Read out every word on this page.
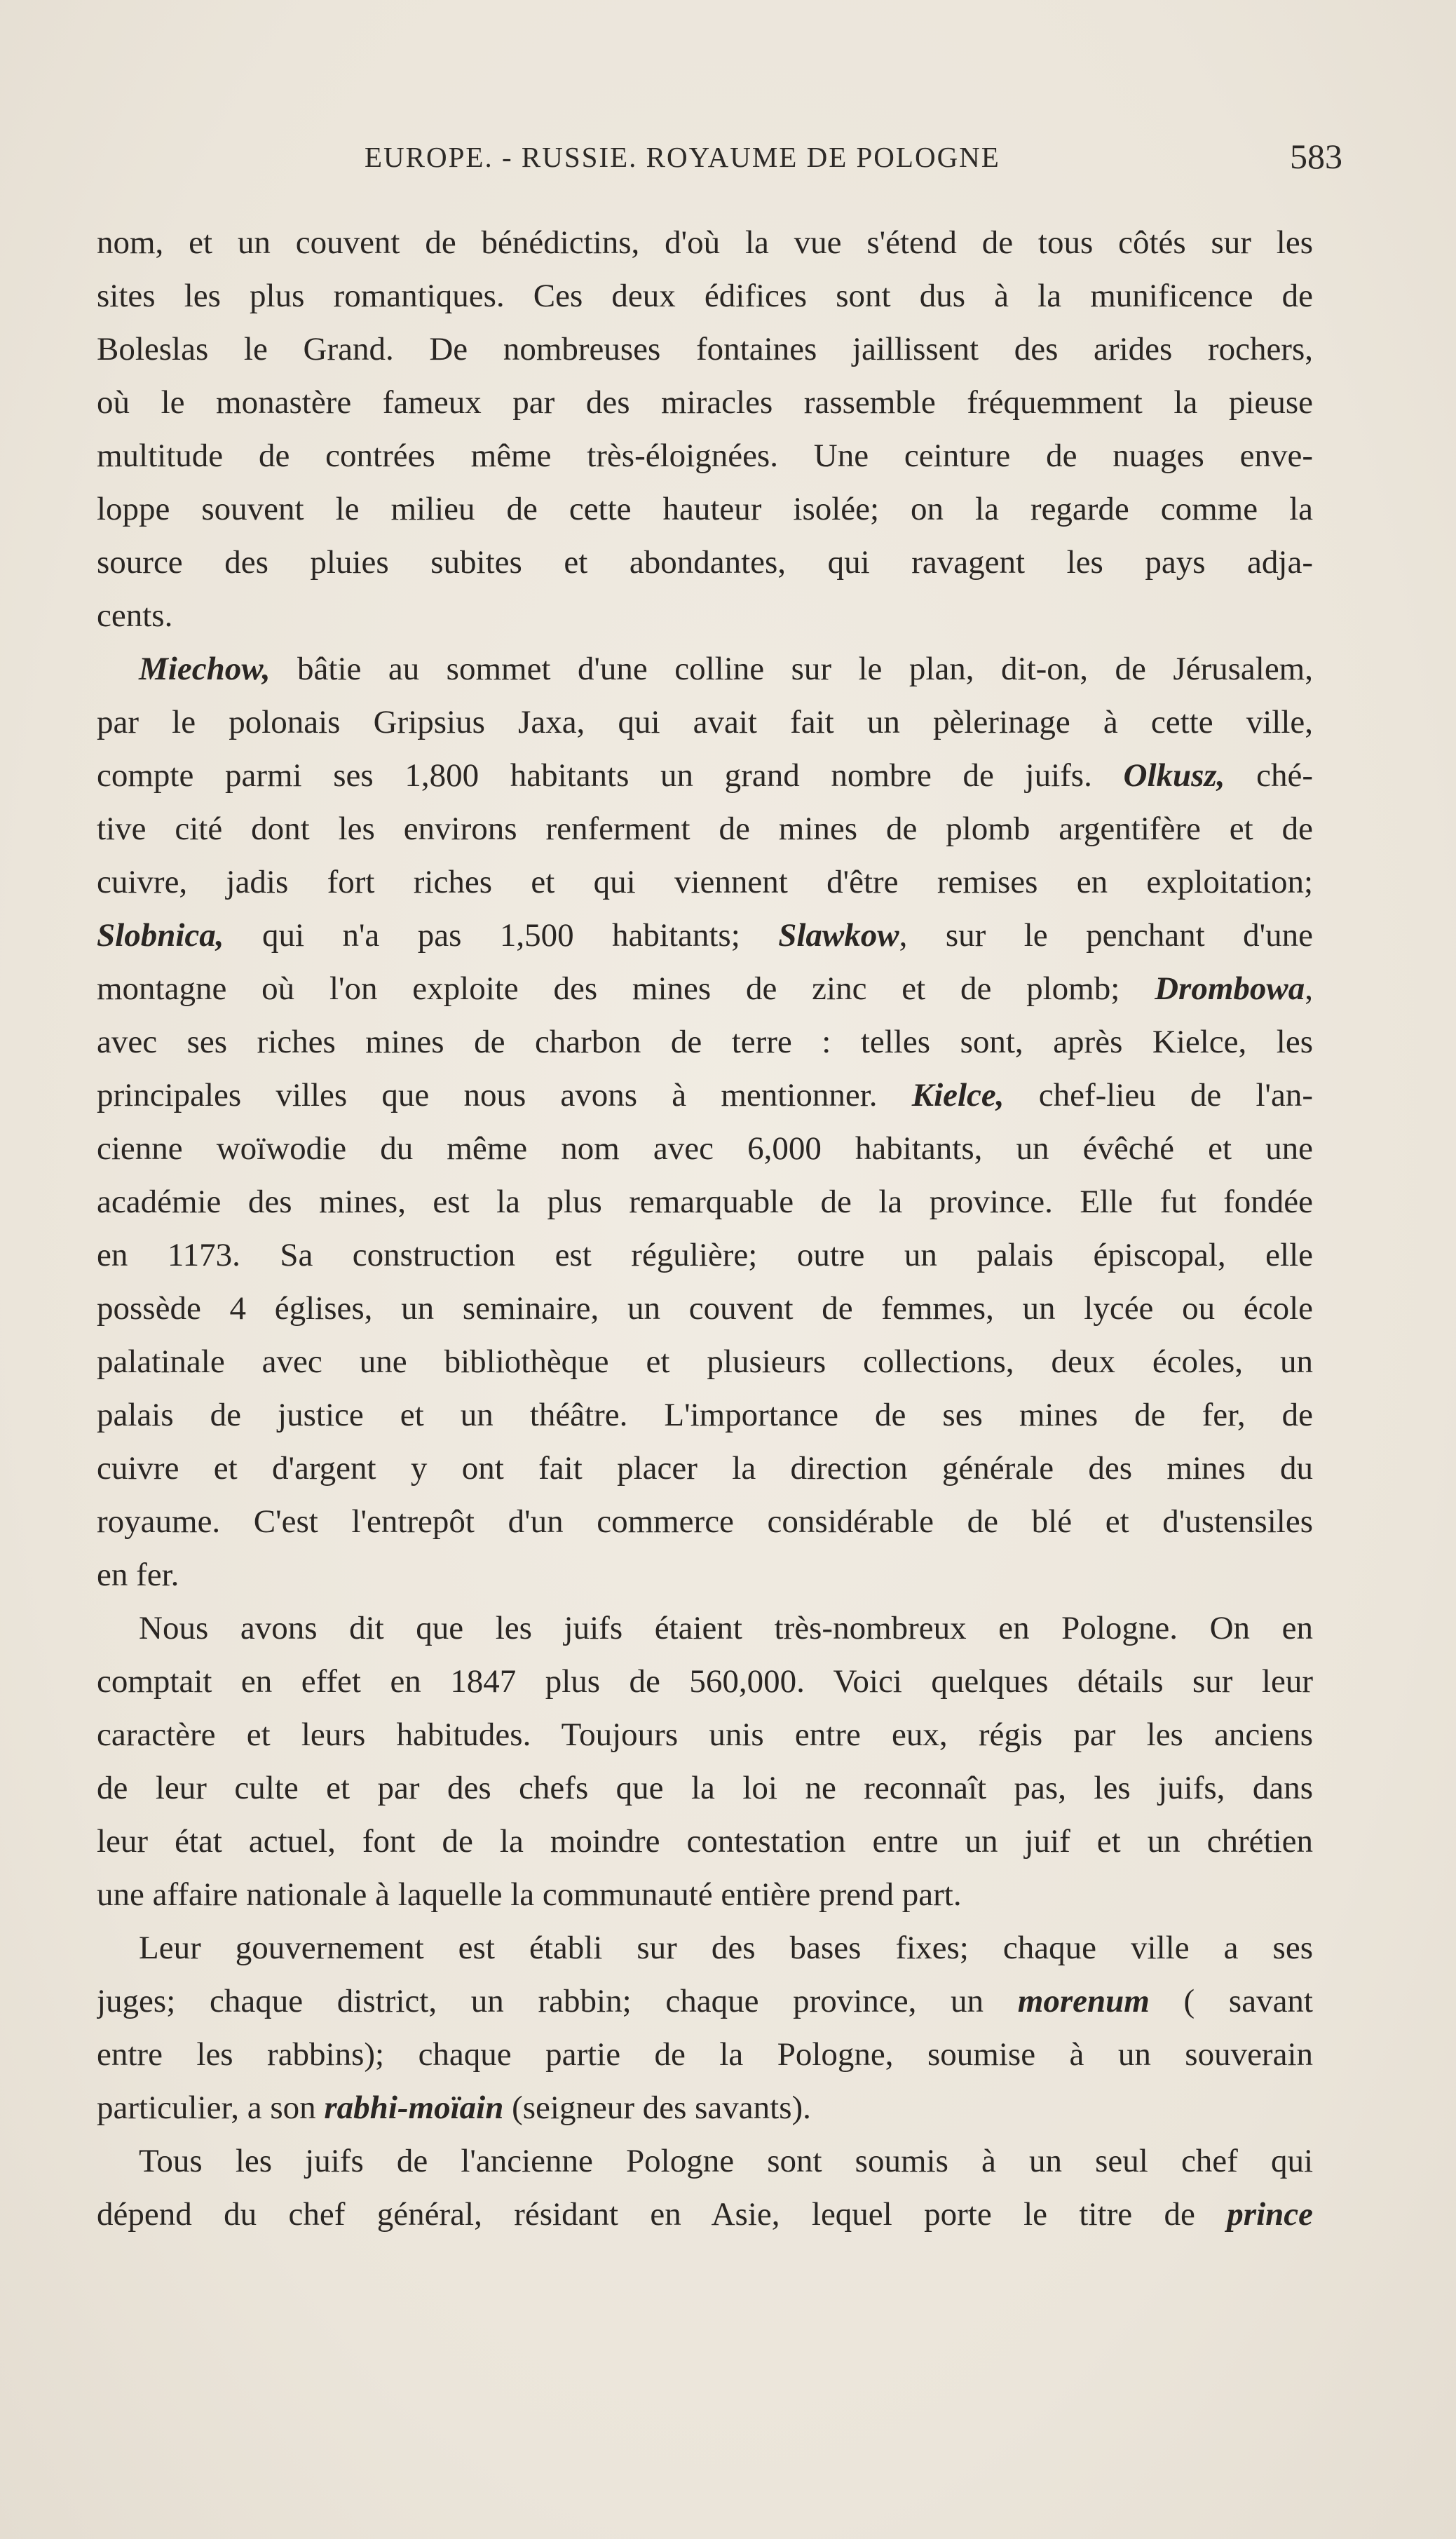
EUROPE. - RUSSIE. ROYAUME DE POLOGNE	583
nom, et un couvent de bénédictins, d'où la vue s'étend de tous côtés sur les
sites les plus romantiques. Ces deux édifices sont dus à la munificence de
Boleslas le Grand. De nombreuses fontaines jaillissent des arides rochers,
où le monastère fameux par des miracles rassemble fréquemment la pieuse
multitude de contrées même très-éloignées. Une ceinture de nuages enve-
loppe souvent le milieu de cette hauteur isolée; on la regarde comme la
source des pluies subites et abondantes, qui ravagent les pays adja-
cents.
Miechow, bâtie au sommet d'une colline sur le plan, dit-on, de Jérusalem,
par le polonais Gripsius Jaxa, qui avait fait un pèlerinage à cette ville,
compte parmi ses 1,800 habitants un grand nombre de juifs. Olkusz, ché-
tive cité dont les environs renferment de mines de plomb argentifère et de
cuivre, jadis fort riches et qui viennent d'être remises en exploitation;
Slobnica, qui n'a pas 1,500 habitants; Slawkow, sur le penchant d'une
montagne où l'on exploite des mines de zinc et de plomb; Drombowa,
avec ses riches mines de charbon de terre : telles sont, après Kielce, les
principales villes que nous avons à mentionner. Kielce, chef-lieu de l'an-
cienne woïwodie du même nom avec 6,000 habitants, un évêché et une
académie des mines, est la plus remarquable de la province. Elle fut fondée
en 1173. Sa construction est régulière; outre un palais épiscopal, elle
possède 4 églises, un seminaire, un couvent de femmes, un lycée ou école
palatinale avec une bibliothèque et plusieurs collections, deux écoles, un
palais de justice et un théâtre. L'importance de ses mines de fer, de
cuivre et d'argent y ont fait placer la direction générale des mines du
royaume. C'est l'entrepôt d'un commerce considérable de blé et d'ustensiles
en fer.
Nous avons dit que les juifs étaient très-nombreux en Pologne. On en
comptait en effet en 1847 plus de 560,000. Voici quelques détails sur leur
caractère et leurs habitudes. Toujours unis entre eux, régis par les anciens
de leur culte et par des chefs que la loi ne reconnaît pas, les juifs, dans
leur état actuel, font de la moindre contestation entre un juif et un chrétien
une affaire nationale à laquelle la communauté entière prend part.
Leur gouvernement est établi sur des bases fixes; chaque ville a ses
juges; chaque district, un rabbin; chaque province, un morenum ( savant
entre les rabbins); chaque partie de la Pologne, soumise à un souverain
particulier, a son rabhi-moïain (seigneur des savants).
Tous les juifs de l'ancienne Pologne sont soumis à un seul chef qui
dépend du chef général, résidant en Asie, lequel porte le titre de prince
